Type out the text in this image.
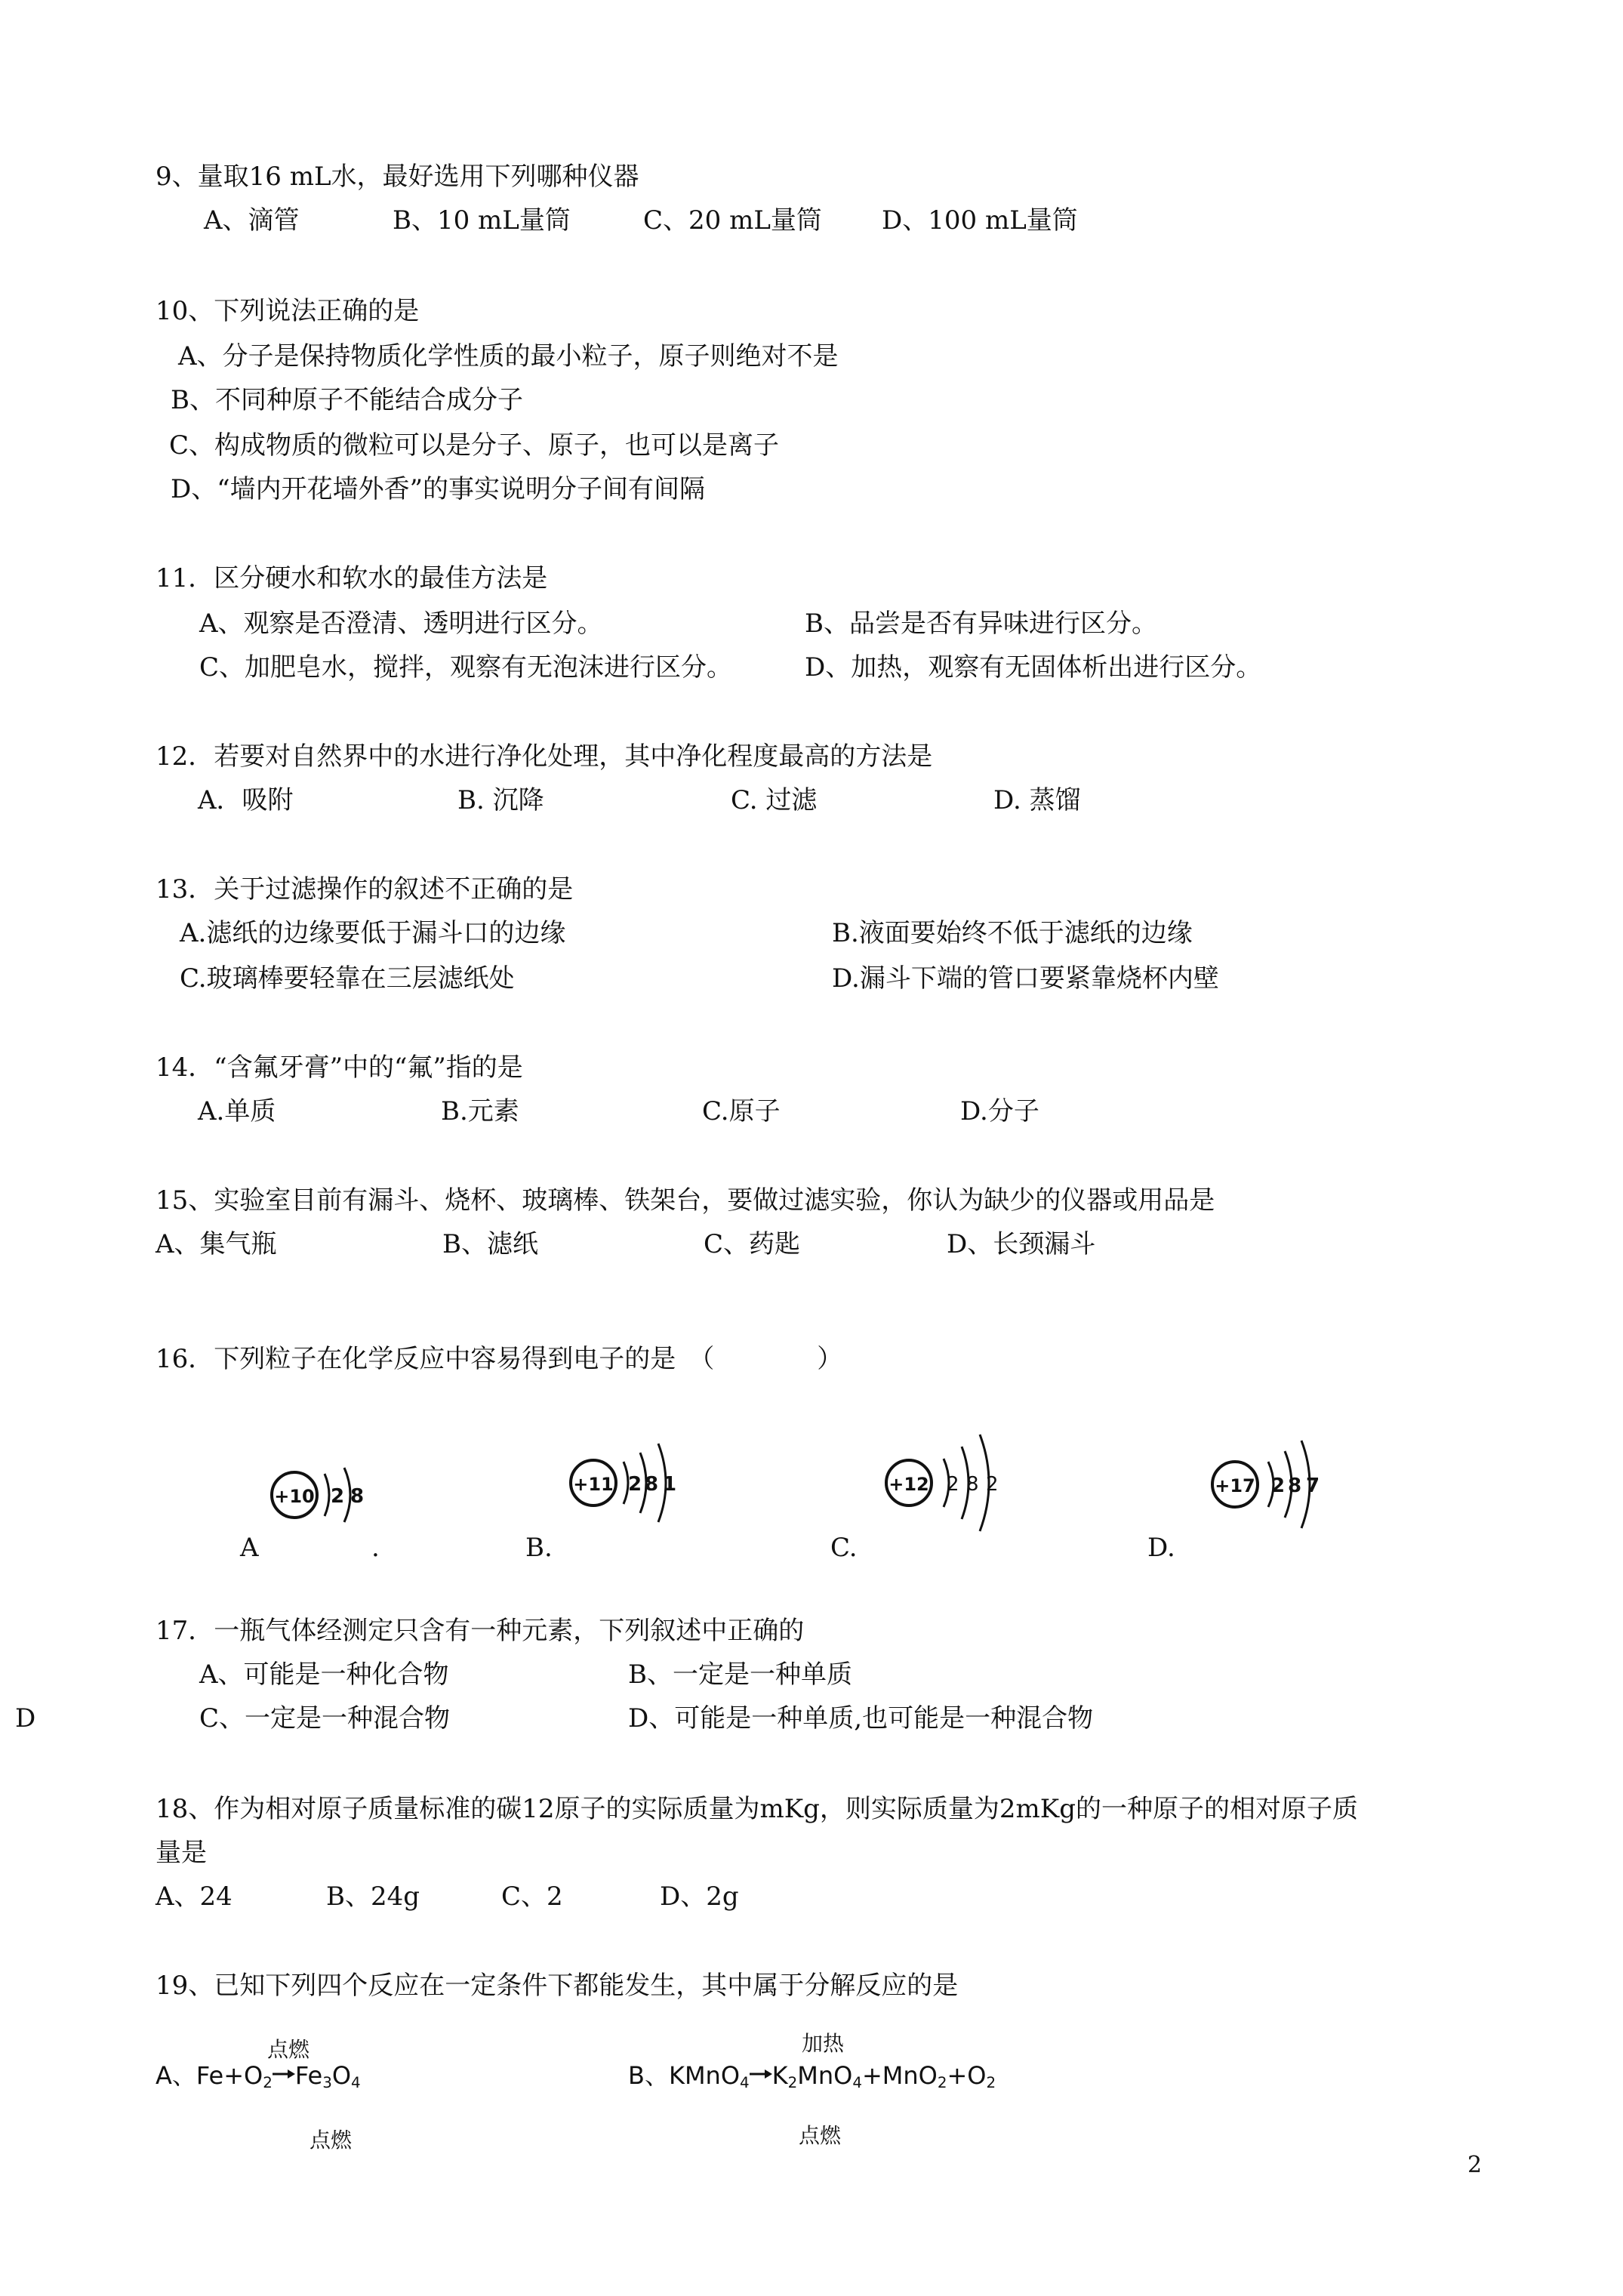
9、量取16 mL水，最好选用下列哪种仪器
A、滴管	B、10 mL量筒	C、20 mL量筒 D、100 mL量筒
10、下列说法正确的是
A、分子是保持物质化学性质的最小粒子，原子则绝对不是
B、不同种原子不能结合成分子
C、构成物质的微粒可以是分子、原子，也可以是离子
D、“墙内开花墙外香”的事实说明分子间有间隔
11．区分硬水和软水的最佳方法是
A、观察是否澄清、透明进行区分。	B、品尝是否有异味进行区分。
C、加肥皂水，搅拌，观察有无泡沫进行区分。	D、加热，观察有无固体析出进行区分。
12．若要对自然界中的水进行净化处理，其中净化程度最高的方法是
A．吸附	B. 沉降	C. 过滤	D. 蒸馏
13．关于过滤操作的叙述不正确的是
A.滤纸的边缘要低于漏斗口的边缘	B.液面要始终不低于滤纸的边缘
C.玻璃棒要轻靠在三层滤纸处	D.漏斗下端的管口要紧靠烧杯内壁
14．“含氟牙膏”中的“氟”指的是
A.单质	B.元素	C.原子	D.分子
15、实验室目前有漏斗、烧杯、玻璃棒、铁架台，要做过滤实验，你认为缺少的仪器或用品是
A、集气瓶	B、滤纸	C、药匙	D、长颈漏斗
16．下列粒子在化学反应中容易得到电子的是　（　　　　）
+10 2 8
A	.
+11 2 8 1
B.
+12 2 8 2
C.
+17 2 8 7
D.
17．一瓶气体经测定只含有一种元素，下列叙述中正确的
A、可能是一种化合物	B、一定是一种单质
D	C、一定是一种混合物	D、可能是一种单质,也可能是一种混合物
18、作为相对原子质量标准的碳12原子的实际质量为mKg，则实际质量为2mKg的一种原子的相对原子质
量是
A、24	B、24g	C、2	D、2g
19、已知下列四个反应在一定条件下都能发生，其中属于分解反应的是
点燃
A、$Fe+O_2$ $Fe_3O_4$
加热
B、KMnO$_4$ $K_2MnO_4+MnO_2+O_2$
点燃	点燃
2
